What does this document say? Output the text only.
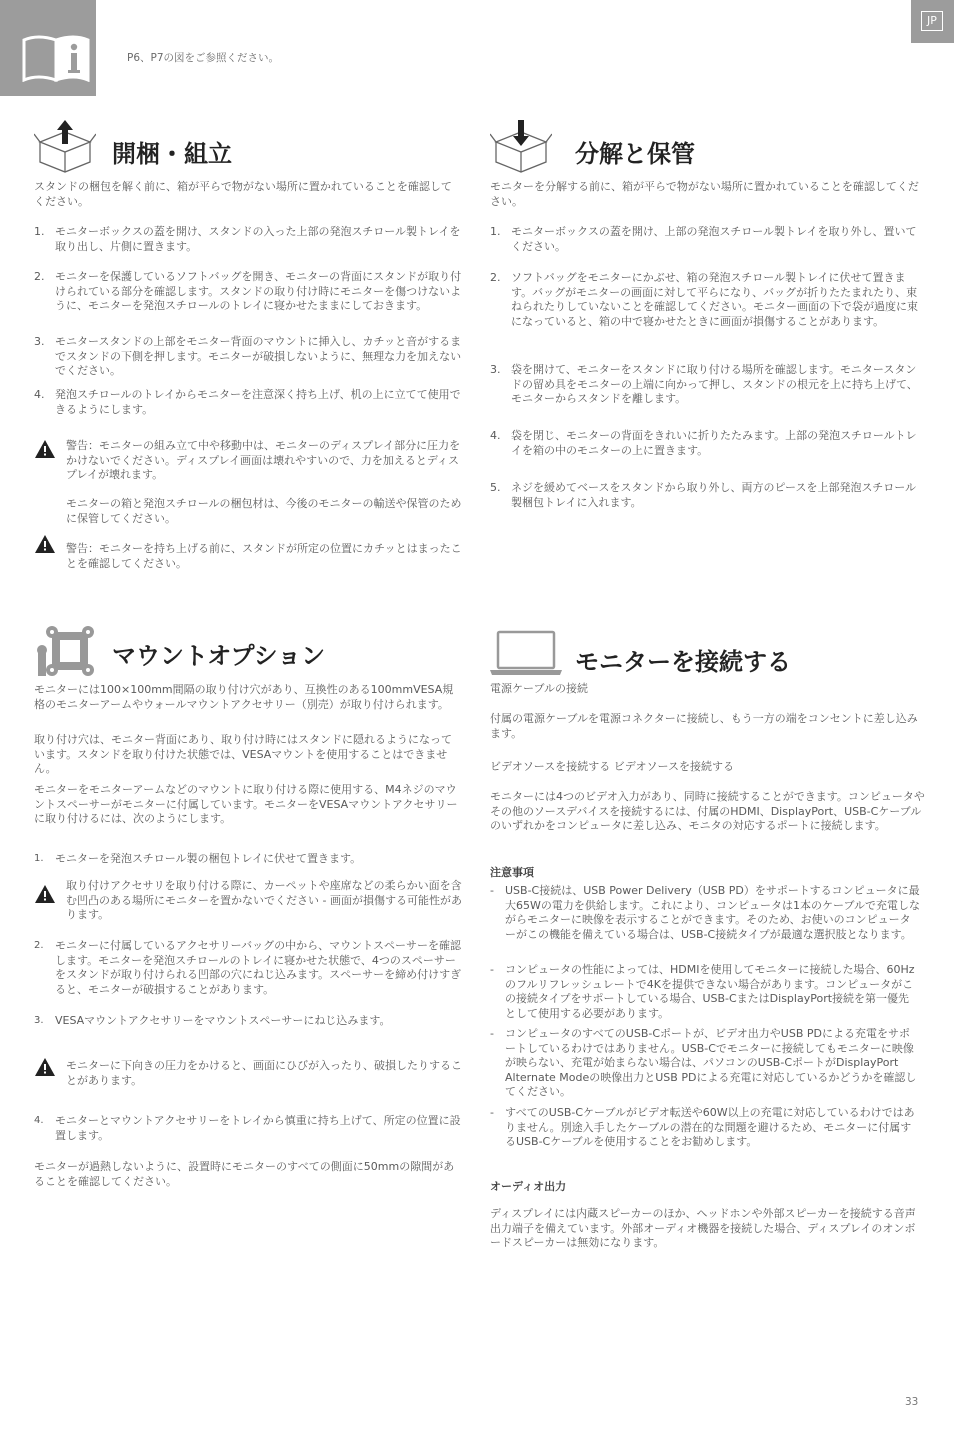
P6、P7の図をご参照ください。
JP
開梱・組立
スタンドの梱包を解く前に、箱が平らで物がない場所に置かれていることを確認してください。
1. モニターボックスの蓋を開け、スタンドの入った上部の発泡スチロール製トレイを取り出し、片側に置きます。
2. モニターを保護しているソフトバッグを開き、モニターの背面にスタンドが取り付けられている部分を確認します。スタンドの取り付け時にモニターを傷つけないように、モニターを発泡スチロールのトレイに寝かせたままにしておきます。
3. モニタースタンドの上部をモニター背面のマウントに挿入し、カチッと音がするまでスタンドの下側を押します。モニターが破損しないように、無理な力を加えないでください。
4. 発泡スチロールのトレイからモニターを注意深く持ち上げ、机の上に立てて使用できるようにします。
警告：モニターの組み立て中や移動中は、モニターのディスプレイ部分に圧力をかけないでください。ディスプレイ画面は壊れやすいので、力を加えるとディスプレイが壊れます。
モニターの箱と発泡スチロールの梱包材は、今後のモニターの輸送や保管のために保管してください。
警告：モニターを持ち上げる前に、スタンドが所定の位置にカチッとはまったことを確認してください。
分解と保管
モニターを分解する前に、箱が平らで物がない場所に置かれていることを確認してください。
1. モニターボックスの蓋を開け、上部の発泡スチロール製トレイを取り外し、置いてください。
2. ソフトバッグをモニターにかぶせ、箱の発泡スチロール製トレイに伏せて置きます。バッグがモニターの画面に対して平らになり、バッグが折りたたまれたり、束ねられたりしていないことを確認してください。モニター画面の下で袋が過度に束になっていると、箱の中で寝かせたときに画面が損傷することがあります。
3. 袋を開けて、モニターをスタンドに取り付ける場所を確認します。モニタースタンドの留め具をモニターの上端に向かって押し、スタンドの根元を上に持ち上げて、モニターからスタンドを離します。
4. 袋を閉じ、モニターの背面をきれいに折りたたみます。上部の発泡スチロールトレイを箱の中のモニターの上に置きます。
5. ネジを緩めてベースをスタンドから取り外し、両方のピースを上部発泡スチロール製梱包トレイに入れます。
マウントオプション
モニターには100×100mm間隔の取り付け穴があり、互換性のある100mmVESA規格のモニターアームやウォールマウントアクセサリー（別売）が取り付けられます。
取り付け穴は、モニター背面にあり、取り付け時にはスタンドに隠れるようになっています。スタンドを取り付けた状態では、VESAマウントを使用することはできません。
モニターをモニターアームなどのマウントに取り付ける際に使用する、M4ネジのマウントスペーサーがモニターに付属しています。モニターをVESAマウントアクセサリーに取り付けるには、次のようにします。
1. モニターを発泡スチロール製の梱包トレイに伏せて置きます。
取り付けアクセサリを取り付ける際に、カーペットや座席などの柔らかい面を含む凹凸のある場所にモニターを置かないでください - 画面が損傷する可能性があります。
2. モニターに付属しているアクセサリーバッグの中から、マウントスペーサーを確認します。モニターを発泡スチロールのトレイに寝かせた状態で、4つのスペーサーをスタンドが取り付けられる凹部の穴にねじ込みます。スペーサーを締め付けすぎると、モニターが破損することがあります。
3. VESAマウントアクセサリーをマウントスペーサーにねじ込みます。
モニターに下向きの圧力をかけると、画面にひびが入ったり、破損したりすることがあります。
4. モニターとマウントアクセサリーをトレイから慎重に持ち上げて、所定の位置に設置します。
モニターが過熱しないように、設置時にモニターのすべての側面に50mmの隙間があることを確認してください。
モニターを接続する
電源ケーブルの接続
付属の電源ケーブルを電源コネクターに接続し、もう一方の端をコンセントに差し込みます。
ビデオソースを接続する ビデオソースを接続する
モニターには4つのビデオ入力があり、同時に接続することができます。コンピュータやその他のソースデバイスを接続するには、付属のHDMI、DisplayPort、USB-Cケーブルのいずれかをコンピュータに差し込み、モニタの対応するポートに接続します。
注意事項
- USB-C接続は、USB Power Delivery（USB PD）をサポートするコンピュータに最大65Wの電力を供給します。これにより、コンピュータは1本のケーブルで充電しながらモニターに映像を表示することができます。そのため、お使いのコンピューターがこの機能を備えている場合は、USB-C接続タイプが最適な選択肢となります。
- コンピュータの性能によっては、HDMIを使用してモニターに接続した場合、60Hzのフルリフレッシュレートで4Kを提供できない場合があります。コンピュータがこの接続タイプをサポートしている場合、USB-CまたはDisplayPort接続を第一優先として使用する必要があります。
- コンピュータのすべてのUSB-Cポートが、ビデオ出力やUSB PDによる充電をサポートしているわけではありません。USB-Cでモニターに接続してもモニターに映像が映らない、充電が始まらない場合は、パソコンのUSB-CポートがDisplayPort Alternate Modeの映像出力とUSB PDによる充電に対応しているかどうかを確認してください。
- すべてのUSB-Cケーブルがビデオ転送や60W以上の充電に対応しているわけではありません。別途入手したケーブルの潜在的な問題を避けるため、モニターに付属するUSB-Cケーブルを使用することをお勧めします。
オーディオ出力
ディスプレイには内蔵スピーカーのほか、ヘッドホンや外部スピーカーを接続する音声出力端子を備えています。外部オーディオ機器を接続した場合、ディスプレイのオンボードスピーカーは無効になります。
33
